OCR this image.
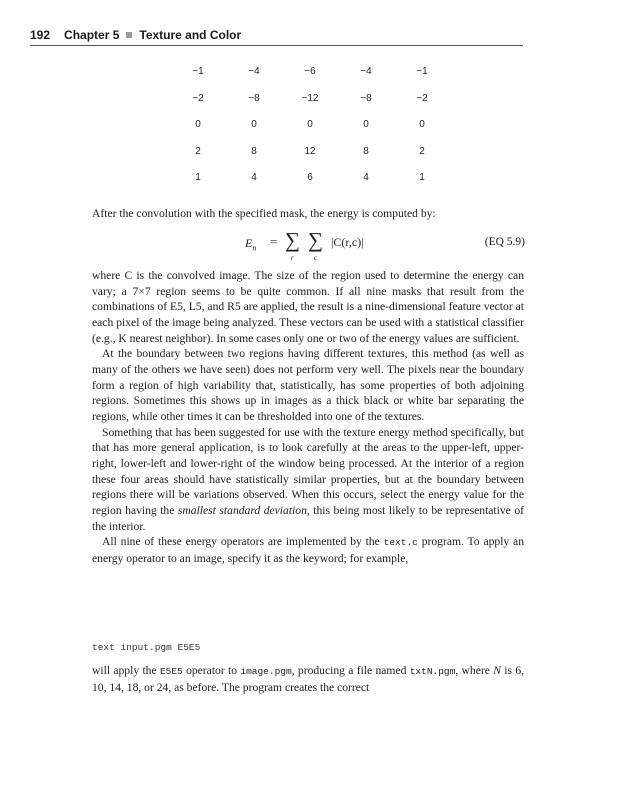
192 Chapter 5 Texture and Color
−1	−4	−6	−4	−1
−2	−8	−12	−8	−2
0	0	0	0	0
2	8	12	8	2
1	4	6	4	1
After the convolution with the specified mask, the energy is computed by:
$E_n$ = ∑ ∑
r	c
|C(r,c)|	(EQ 5.9)

where C is the convolved image. The size of the region used to determine the energy can vary; a 7×7 region seems to be quite common. If all nine masks that result from the combinations of E5, L5, and R5 are applied, the result is a nine-dimensional feature vector at each pixel of the image being analyzed. These vectors can be used with a statistical classifier (e.g., K nearest neighbor). In some cases only one or two of the energy values are sufficient.

At the boundary between two regions having different textures, this method (as well as many of the others we have seen) does not perform very well. The pixels near the boundary form a region of high variability that, statistically, has some properties of both adjoining regions. Sometimes this shows up in images as a thick black or white bar separating the regions, while other times it can be thresholded into one of the textures.

Something that has been suggested for use with the texture energy method specifically, but that has more general application, is to look carefully at the areas to the upper-left, upper-right, lower-left and lower-right of the window being processed. At the interior of a region these four areas should have statistically similar properties, but at the boundary between regions there will be variations observed. When this occurs, select the energy value for the region having the smallest standard deviation, this being most likely to be representative of the interior.

All nine of these energy operators are implemented by the text.c program. To apply an energy operator to an image, specify it as the keyword; for example,

text input.pgm E5E5
will apply the E5E5 operator to image.pgm, producing a file named txtN.pgm, where N is 6, 10, 14, 18, or 24, as before. The program creates the correct
